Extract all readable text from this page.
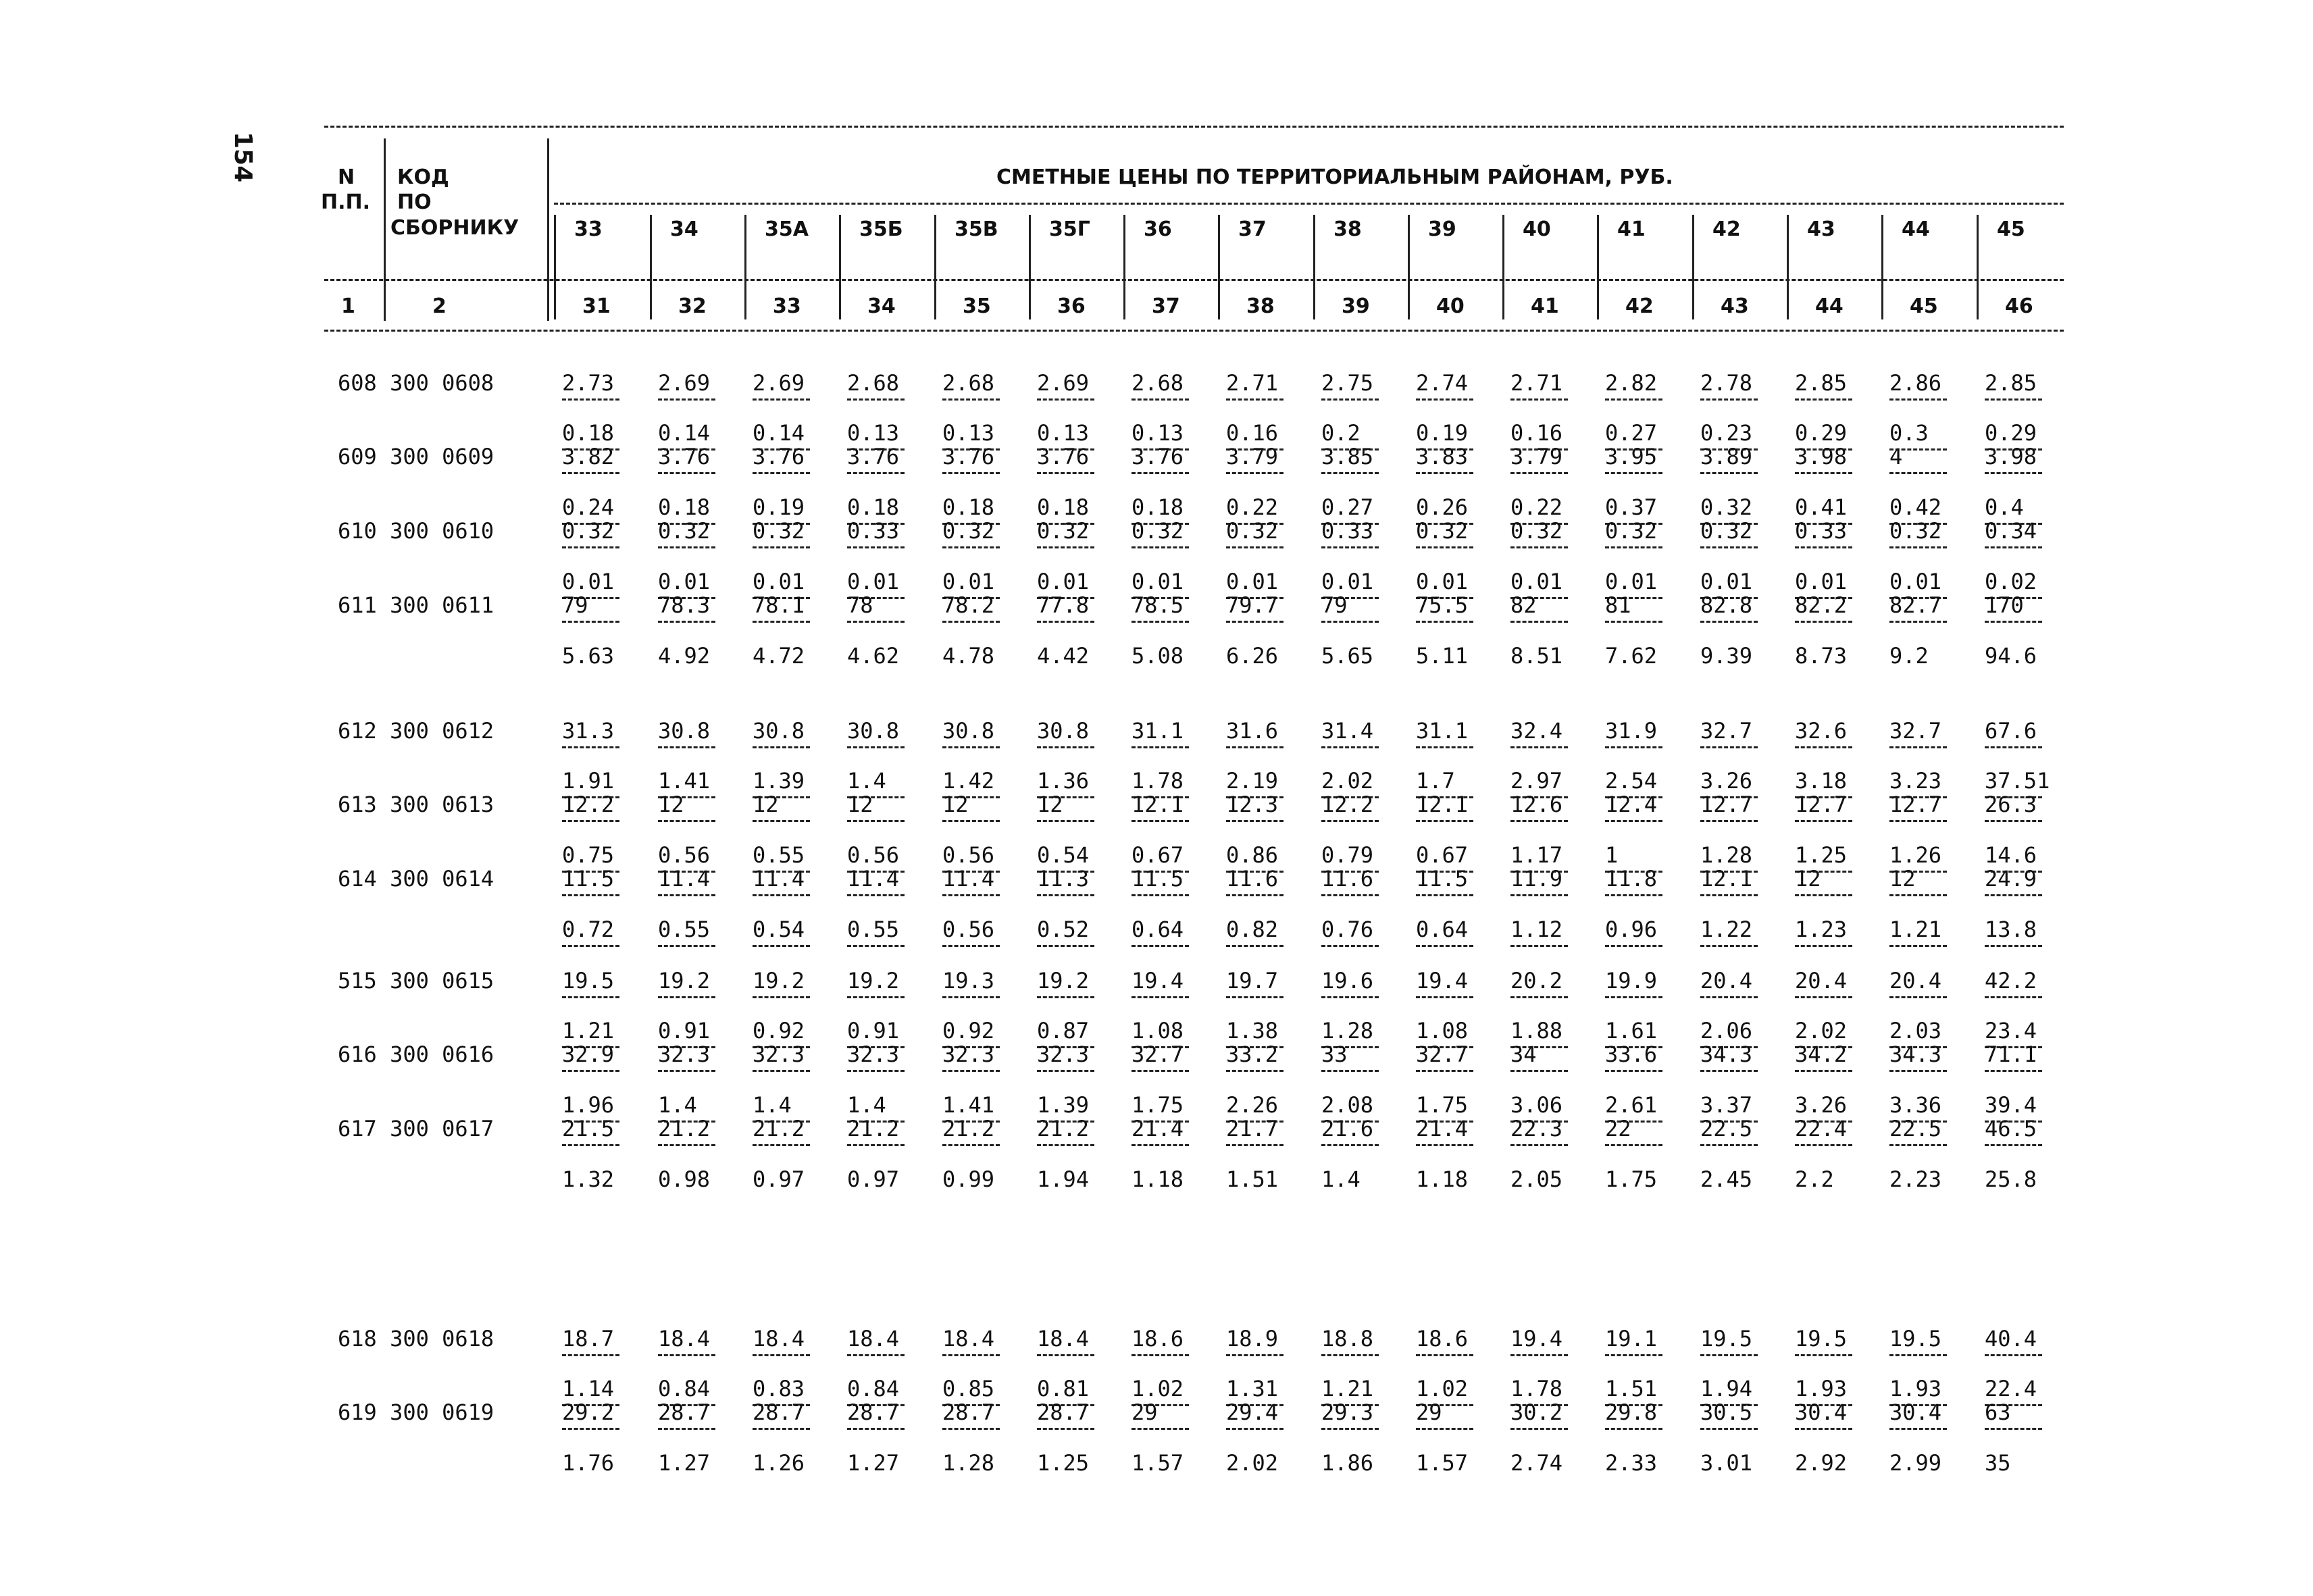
154	N
П.П.
КОД
ПО
СБОРНИКУ
СМЕТНЫЕ ЦЕНЫ ПО ТЕРРИТОРИАЛЬНЫМ РАЙОНАМ, РУБ.
33	34	35А	35Б	35В	35Г	36	37	38	39	40	41	42	43	44	45
1	2	31	32	33	34	35	36	37	38	39	40	41	42	43	44	45	46
608 300 0608	2.73 2.69 2.69 2.68 2.68 2.69 2.68 2.71 2.75 2.74 2.71 2.82 2.78 2.85 2.86 2.85
0.18 0.14 0.14 0.13 0.13 0.13 0.13 0.16 0.2	0.19 0.16 0.27 0.23 0.29 0.3	0.29
609 300 0609	3.82 3.76 3.76 3.76 3.76 3.76 3.76 3.79 3.85 3.83 3.79 3.95 3.89 3.98 4	3.98
0.24 0.18 0.19 0.18 0.18 0.18 0.18 0.22 0.27 0.26 0.22 0.37 0.32 0.41 0.42 0.4
610 300 0610	0.32 0.32 0.32 0.33 0.32 0.32 0.32 0.32 0.33 0.32 0.32 0.32 0.32 0.33 0.32 0.34
0.01 0.01 0.01 0.01 0.01 0.01 0.01 0.01 0.01 0.01 0.01 0.01 0.01 0.01 0.01 0.02
611 300 0611	79	78.3 78.1 78	78.2 77.8 78.5 79.7 79	75.5 82	81	82.8 82.2 82.7 170
5.63 4.92 4.72 4.62 4.78 4.42 5.08 6.26 5.65 5.11 8.51 7.62 9.39 8.73 9.2	94.6
612 300 0612	31.3 30.8 30.8 30.8 30.8 30.8 31.1 31.6 31.4 31.1 32.4 31.9 32.7 32.6 32.7 67.6
1.91 1.41 1.39 1.4	1.42 1.36 1.78 2.19 2.02 1.7	2.97 2.54 3.26 3.18 3.23 37.51
613 300 0613	12.2 12	12	12	12	12	12.1 12.3 12.2 12.1 12.6 12.4 12.7 12.7 12.7 26.3
0.75 0.56 0.55 0.56 0.56 0.54 0.67 0.86 0.79 0.67 1.17 1	1.28 1.25 1.26 14.6
614 300 0614	11.5 11.4 11.4 11.4 11.4 11.3 11.5 11.6 11.6 11.5 11.9 11.8 12.1 12	12	24.9
0.72 0.55 0.54 0.55 0.56 0.52 0.64 0.82 0.76 0.64 1.12 0.96 1.22 1.23 1.21 13.8
515 300 0615	19.5 19.2 19.2 19.2 19.3 19.2 19.4 19.7 19.6 19.4 20.2 19.9 20.4 20.4 20.4 42.2
1.21 0.91 0.92 0.91 0.92 0.87 1.08 1.38 1.28 1.08 1.88 1.61 2.06 2.02 2.03 23.4
616 300 0616	32.9 32.3 32.3 32.3 32.3 32.3 32.7 33.2 33	32.7 34	33.6 34.3 34.2 34.3 71.1
1.96 1.4	1.4	1.4	1.41 1.39 1.75 2.26 2.08 1.75 3.06 2.61 3.37 3.26 3.36 39.4
617 300 0617	21.5 21.2 21.2 21.2 21.2 21.2 21.4 21.7 21.6 21.4 22.3 22	22.5 22.4 22.5 46.5
1.32 0.98 0.97 0.97 0.99 1.94 1.18 1.51 1.4	1.18 2.05 1.75 2.45 2.2	2.23 25.8
618 300 0618	18.7 18.4 18.4 18.4 18.4 18.4 18.6 18.9 18.8 18.6 19.4 19.1 19.5 19.5 19.5 40.4
1.14 0.84 0.83 0.84 0.85 0.81 1.02 1.31 1.21 1.02 1.78 1.51 1.94 1.93 1.93 22.4
619 300 0619	29.2 28.7 28.7 28.7 28.7 28.7 29	29.4 29.3 29	30.2 29.8 30.5 30.4 30.4 63
1.76 1.27 1.26 1.27 1.28 1.25 1.57 2.02 1.86 1.57 2.74 2.33 3.01 2.92 2.99 35
